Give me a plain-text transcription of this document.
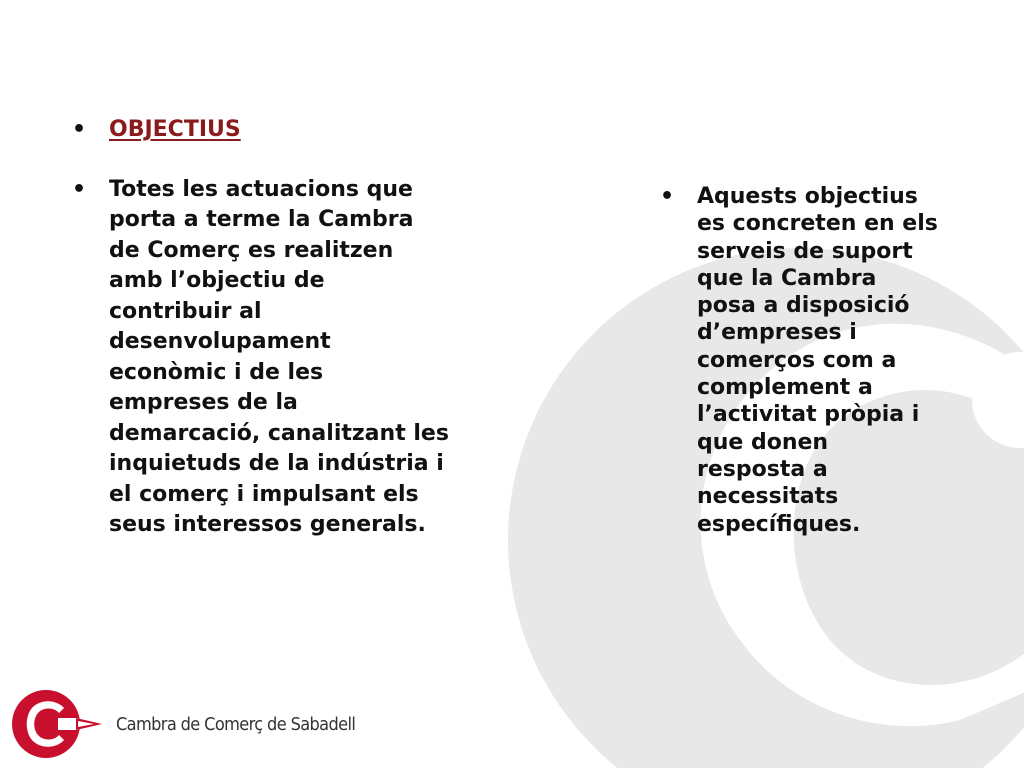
• OBJECTIUS
• Totes les actuacions que
porta a terme la Cambra
de Comerç es realitzen
amb l’objectiu de
contribuir al
desenvolupament
econòmic i de les
empreses de la
demarcació, canalitzant les
inquietuds de la indústria i
el comerç i impulsant els
seus interessos generals.
• Aquests objectius
es concreten en els
serveis de suport
que la Cambra
posa a disposició
d’empreses i
comerços com a
complement a
l’activitat pròpia i
que donen
resposta a
necessitats
específiques.
Cambra de Comerç de Sabadell
